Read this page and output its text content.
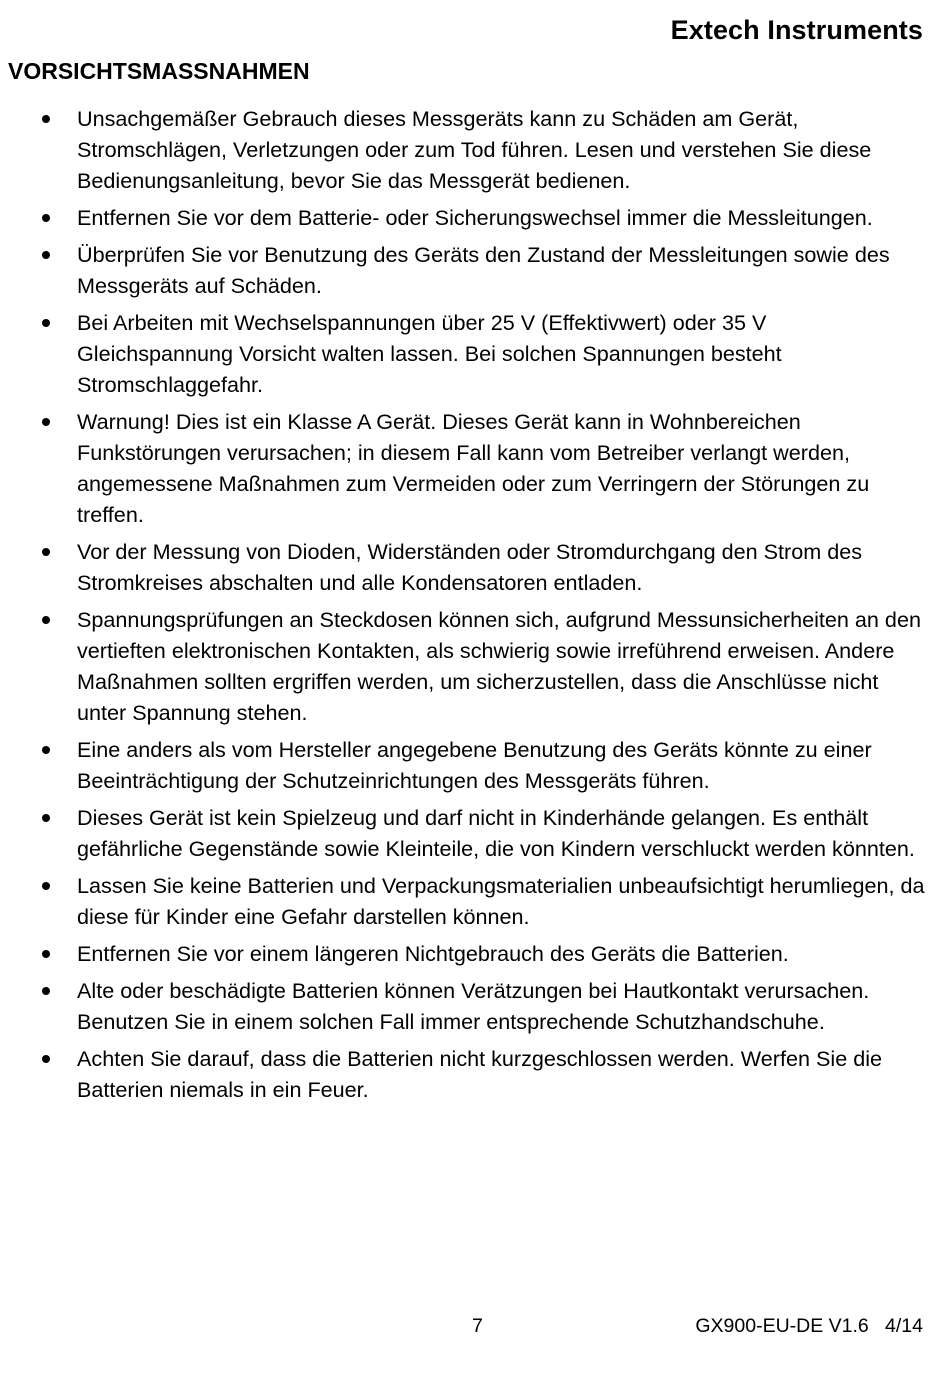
Extech Instruments
VORSICHTSMASSNAHMEN
Unsachgemäßer Gebrauch dieses Messgeräts kann zu Schäden am Gerät, Stromschlägen, Verletzungen oder zum Tod führen. Lesen und verstehen Sie diese Bedienungsanleitung, bevor Sie das Messgerät bedienen.
Entfernen Sie vor dem Batterie- oder Sicherungswechsel immer die Messleitungen.
Überprüfen Sie vor Benutzung des Geräts den Zustand der Messleitungen sowie des Messgeräts auf Schäden.
Bei Arbeiten mit Wechselspannungen über 25 V (Effektivwert) oder 35 V Gleichspannung Vorsicht walten lassen. Bei solchen Spannungen besteht Stromschlaggefahr.
Warnung! Dies ist ein Klasse A Gerät. Dieses Gerät kann in Wohnbereichen Funkstörungen verursachen; in diesem Fall kann vom Betreiber verlangt werden, angemessene Maßnahmen zum Vermeiden oder zum Verringern der Störungen zu treffen.
Vor der Messung von Dioden, Widerständen oder Stromdurchgang den Strom des Stromkreises abschalten und alle Kondensatoren entladen.
Spannungsprüfungen an Steckdosen können sich, aufgrund Messunsicherheiten an den vertieften elektronischen Kontakten, als schwierig sowie irreführend erweisen. Andere Maßnahmen sollten ergriffen werden, um sicherzustellen, dass die Anschlüsse nicht unter Spannung stehen.
Eine anders als vom Hersteller angegebene Benutzung des Geräts könnte zu einer Beeinträchtigung der Schutzeinrichtungen des Messgeräts führen.
Dieses Gerät ist kein Spielzeug und darf nicht in Kinderhände gelangen. Es enthält gefährliche Gegenstände sowie Kleinteile, die von Kindern verschluckt werden könnten.
Lassen Sie keine Batterien und Verpackungsmaterialien unbeaufsichtigt herumliegen, da diese für Kinder eine Gefahr darstellen können.
Entfernen Sie vor einem längeren Nichtgebrauch des Geräts die Batterien.
Alte oder beschädigte Batterien können Verätzungen bei Hautkontakt verursachen. Benutzen Sie in einem solchen Fall immer entsprechende Schutzhandschuhe.
Achten Sie darauf, dass die Batterien nicht kurzgeschlossen werden. Werfen Sie die Batterien niemals in ein Feuer.
7	GX900-EU-DE V1.6   4/14
